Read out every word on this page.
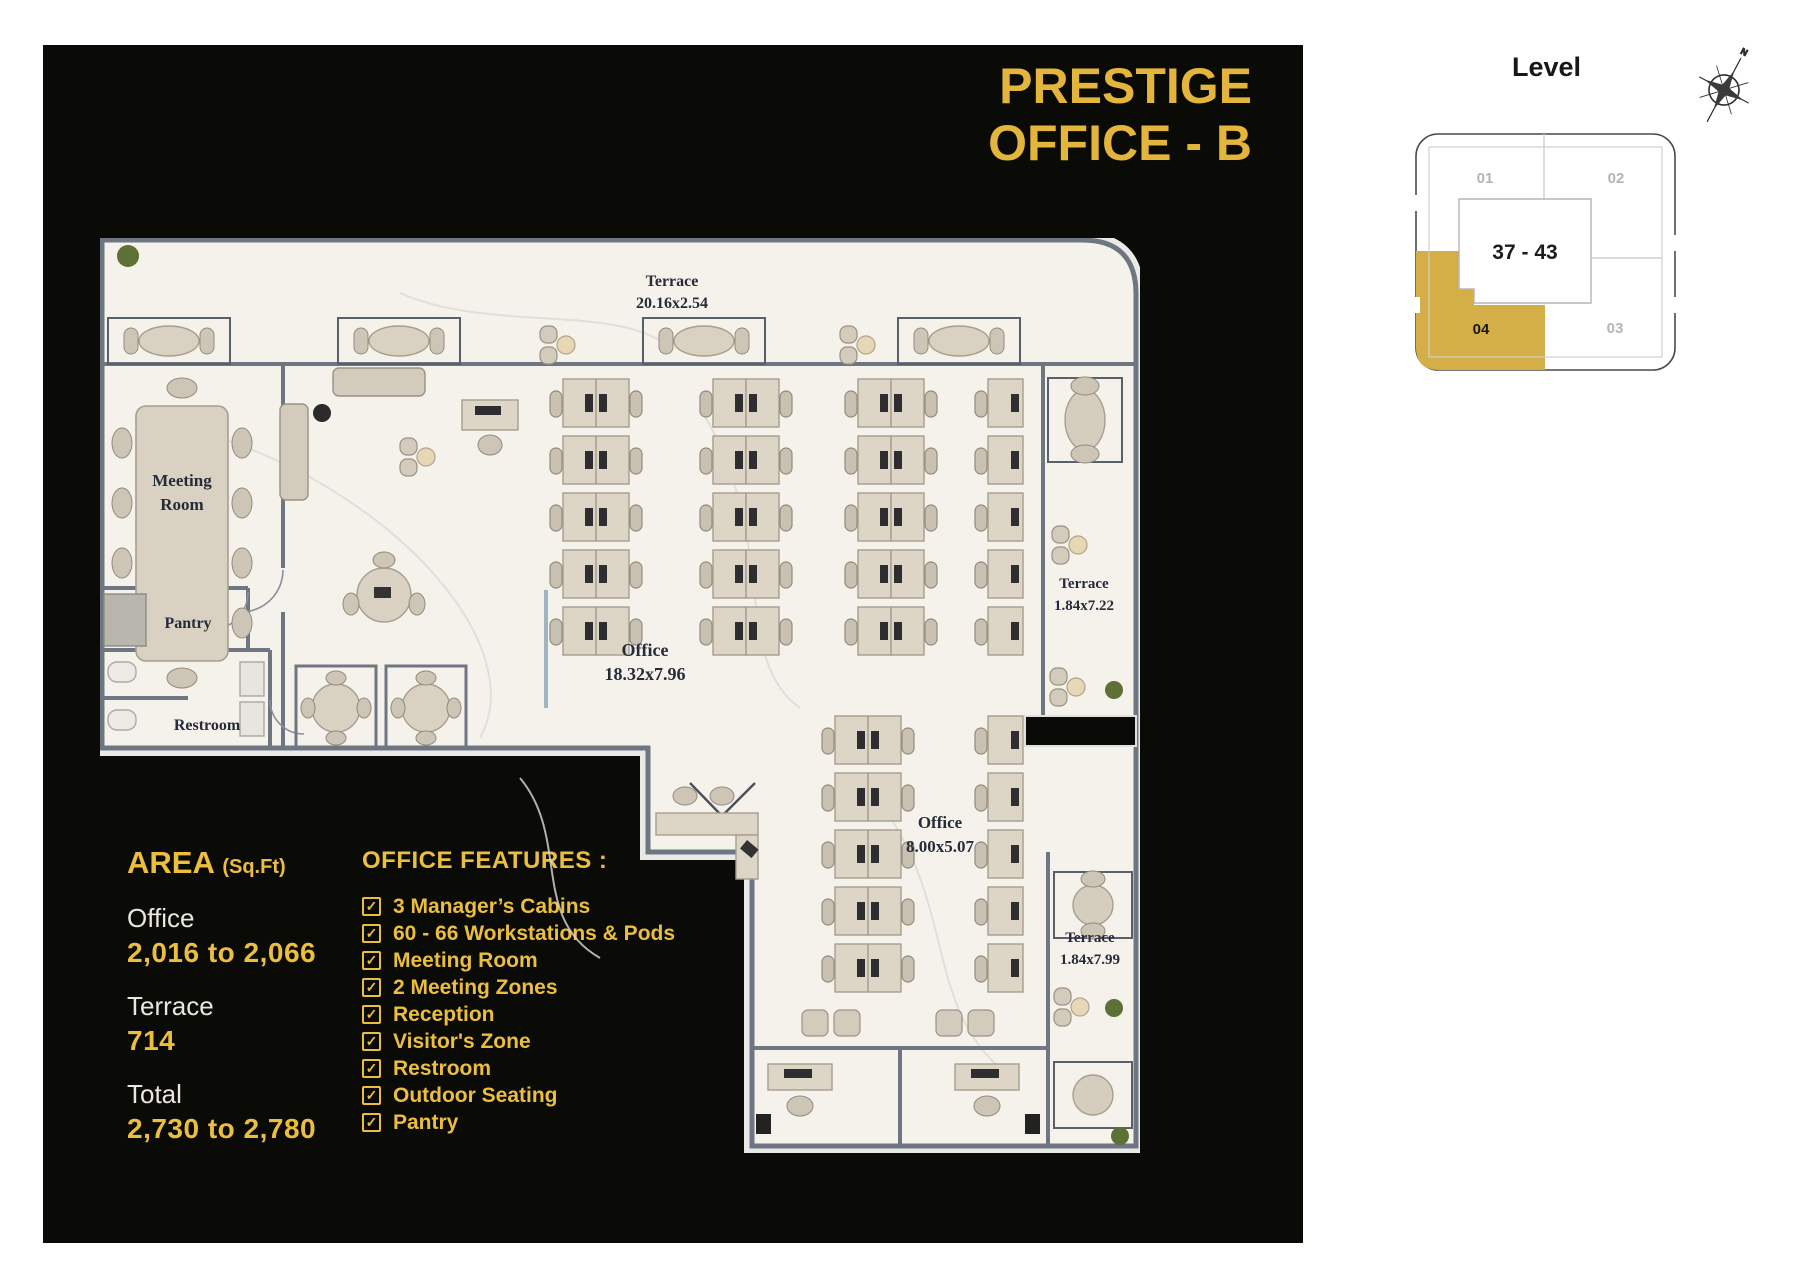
PRESTIGE
OFFICE - B
AREA (Sq.Ft)
Office
2,016 to 2,066
Terrace
714
Total
2,730 to 2,780
OFFICE FEATURES :
✓
3 Manager’s Cabins
✓
60 - 66 Workstations & Pods
✓
Meeting Room
✓
2 Meeting Zones
✓
Reception
✓
Visitor's Zone
✓
Restroom
✓
Outdoor Seating
✓
Pantry
Terrace
20.16x2.54
Meeting
Room
Pantry
Restroom
Office
18.32x7.96
Terrace
1.84x7.22
Office
8.00x5.07
Terrace
1.84x7.99
Level	N
37 - 43
01	02
03
04
